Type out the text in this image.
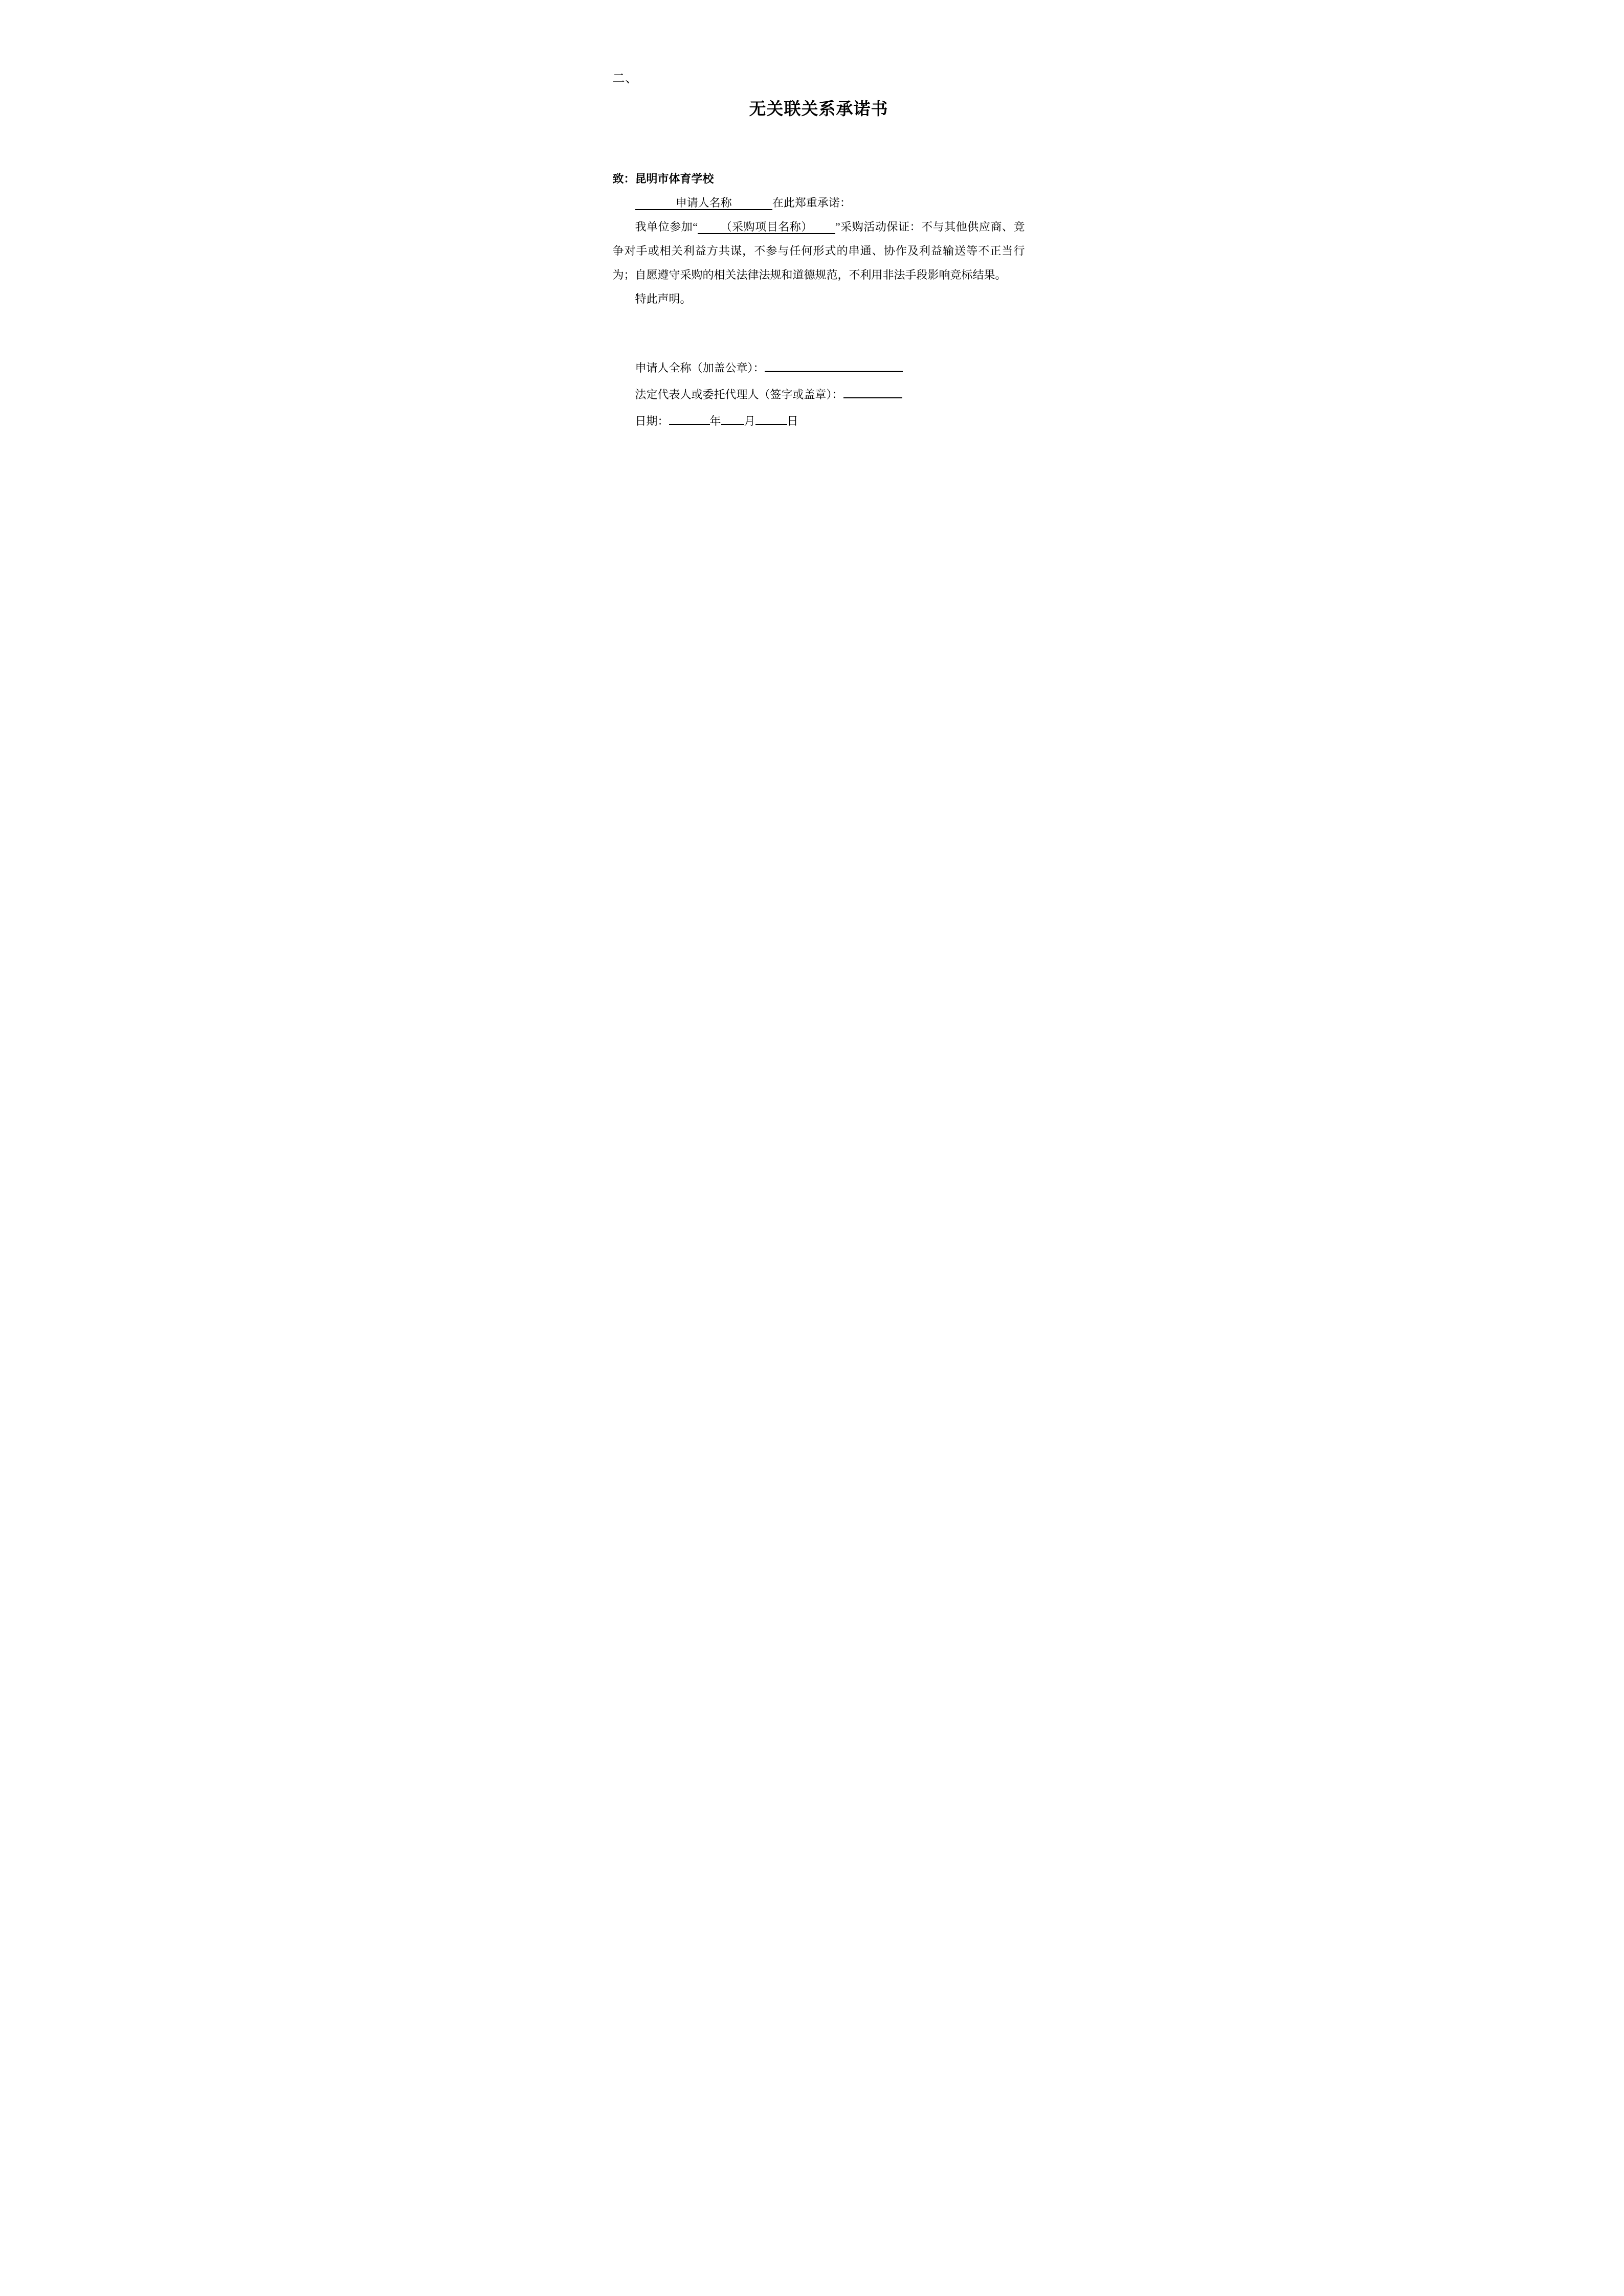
二、
无关联关系承诺书
致：昆明市体育学校
申请人名称	在此郑重承诺：

我单位参加“	（采购项目名称）	”采购活动保证：不与其他供应商、竞争对手或相关利益方共谋，不参与任何形式的串通、协作及利益输送等不正当行为；自愿遵守采购的相关法律法规和道德规范，不利用非法手段影响竞标结果。

特此声明。

申请人全称（加盖公章）：
法定代表人或委托代理人（签字或盖章）：
日期：	年 月	日
